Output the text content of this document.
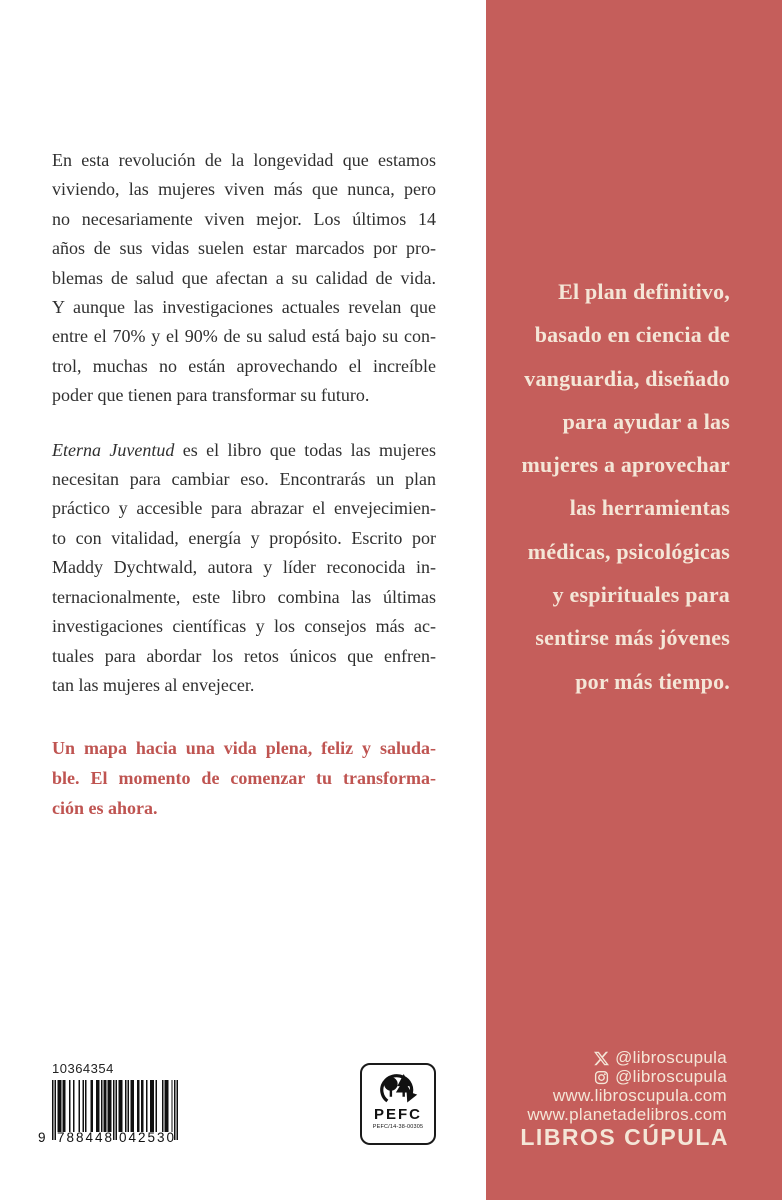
En esta revolución de la longevidad que estamos
viviendo, las mujeres viven más que nunca, pero
no necesariamente viven mejor. Los últimos 14
años de sus vidas suelen estar marcados por pro-
blemas de salud que afectan a su calidad de vida.
Y aunque las investigaciones actuales revelan que
entre el 70% y el 90% de su salud está bajo su con-
trol, muchas no están aprovechando el increíble
poder que tienen para transformar su futuro.
Eterna Juventud es el libro que todas las mujeres
necesitan para cambiar eso. Encontrarás un plan
práctico y accesible para abrazar el envejecimien-
to con vitalidad, energía y propósito. Escrito por
Maddy Dychtwald, autora y líder reconocida in-
ternacionalmente, este libro combina las últimas
investigaciones científicas y los consejos más ac-
tuales para abordar los retos únicos que enfren-
tan las mujeres al envejecer.
Un mapa hacia una vida plena, feliz y saluda-
ble. El momento de comenzar tu transforma-
ción es ahora.
El plan definitivo,
basado en ciencia de
vanguardia, diseñado
para ayudar a las
mujeres a aprovechar
las herramientas
médicas, psicológicas
y espirituales para
sentirse más jóvenes
por más tiempo.
@libroscupula
@libroscupula
www.libroscupula.com
www.planetadelibros.com
LIBROS CÚPULA
10364354
9 788448 042530
PEFC
PEFC/14-38-00305
